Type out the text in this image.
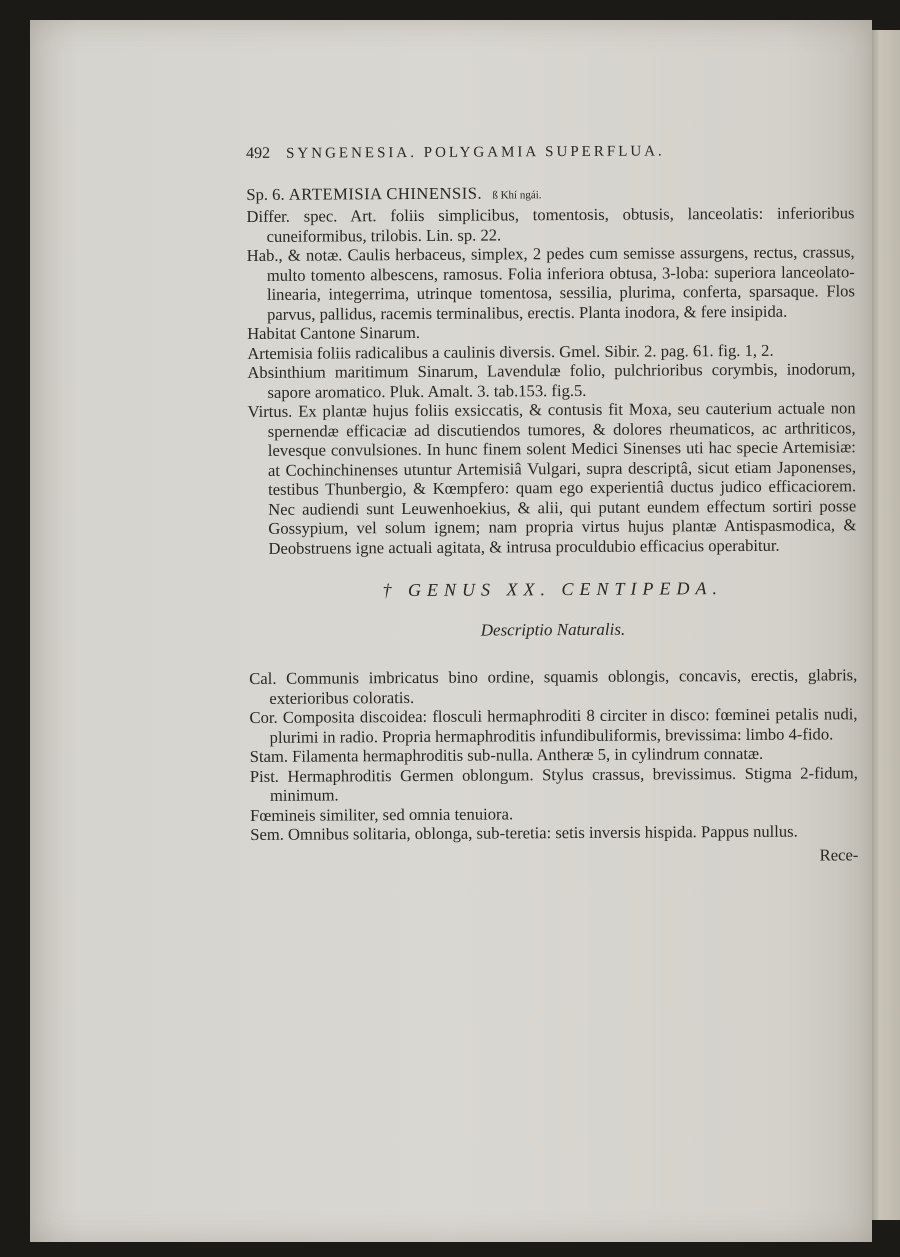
492 SYNGENESIA. POLYGAMIA SUPERFLUA.

Sp. 6. ARTEMISIA CHINENSIS. ß Khí ngái.

Differ. spec. Art. foliis simplicibus, tomentosis, obtusis, lanceolatis: inferioribus cuneiformibus, trilobis. Lin. sp. 22.

Hab., & notæ. Caulis herbaceus, simplex, 2 pedes cum semisse assurgens, rectus, crassus, multo tomento albescens, ramosus. Folia inferiora obtusa, 3-loba: superiora lanceolato-linearia, integerrima, utrinque tomentosa, sessilia, plurima, conferta, sparsaque. Flos parvus, pallidus, racemis terminalibus, erectis. Planta inodora, & fere insipida.

Habitat Cantone Sinarum.

Artemisia foliis radicalibus a caulinis diversis. Gmel. Sibir. 2. pag. 61. fig. 1, 2.

Absinthium maritimum Sinarum, Lavendulæ folio, pulchrioribus corymbis, inodorum, sapore aromatico. Pluk. Amalt. 3. tab.153. fig.5.

Virtus. Ex plantæ hujus foliis exsiccatis, & contusis fit Moxa, seu cauterium actuale non spernendæ efficaciæ ad discutiendos tumores, & dolores rheumaticos, ac arthriticos, levesque convulsiones. In hunc finem solent Medici Sinenses uti hac specie Artemisiæ: at Cochinchinenses utuntur Artemisiâ Vulgari, supra descriptâ, sicut etiam Japonenses, testibus Thunbergio, & Kœmpfero: quam ego experientiâ ductus judico efficaciorem. Nec audiendi sunt Leuwenhoekius, & alii, qui putant eundem effectum sortiri posse Gossypium, vel solum ignem; nam propria virtus hujus plantæ Antispasmodica, & Deobstruens igne actuali agitata, & intrusa proculdubio efficacius operabitur.

† GENUS XX. CENTIPEDA.
Descriptio Naturalis.

Cal. Communis imbricatus bino ordine, squamis oblongis, concavis, erectis, glabris, exterioribus coloratis.

Cor. Composita discoidea: flosculi hermaphroditi 8 circiter in disco: fœminei petalis nudi, plurimi in radio. Propria hermaphroditis infundibuliformis, brevissima: limbo 4-fido.

Stam. Filamenta hermaphroditis sub-nulla. Antheræ 5, in cylindrum connatæ.

Pist. Hermaphroditis Germen oblongum. Stylus crassus, brevissimus. Stigma 2-fidum, minimum.

Fœmineis similiter, sed omnia tenuiora.

Sem. Omnibus solitaria, oblonga, sub-teretia: setis inversis hispida. Pappus nullus.

Rece-
